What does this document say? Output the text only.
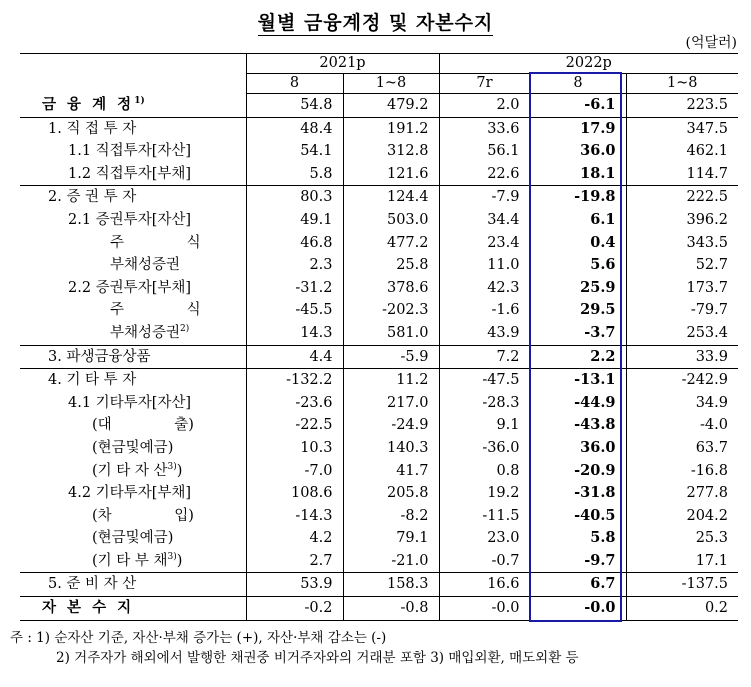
월별 금융계정 및 자본수지
(억달러)
	2021p		2022p		
	8	1~8	7r	8	1~8
금 융 계 정$^{1)}$	54.8	479.2	2.0	-6.1	223.5
1. 직 접 투 자	48.4	191.2	33.6	17.9	347.5
1.1 직접투자[자산]	54.1	312.8	56.1	36.0	462.1
1.2 직접투자[부채]	5.8	121.6	22.6	18.1	114.7
2. 증 권 투 자	80.3	124.4	-7.9	-19.8	222.5
2.1 증권투자[자산]	49.1	503.0	34.4	6.1	396.2
주 식	46.8	477.2	23.4	0.4	343.5
부채성증권	2.3	25.8	11.0	5.6	52.7
2.2 증권투자[부채]	-31.2	378.6	42.3	25.9	173.7
주 식	-45.5	-202.3	-1.6	29.5	-79.7
부채성증권$^{2)}$	14.3	581.0	43.9	-3.7	253.4
3. 파생금융상품	4.4	-5.9	7.2	2.2	33.9
4. 기 타 투 자	-132.2	11.2	-47.5	-13.1	-242.9
4.1 기타투자[자산]	-23.6	217.0	-28.3	-44.9	34.9
(대 출)	-22.5	-24.9	9.1	-43.8	-4.0
(현금및예금)	10.3	140.3	-36.0	36.0	63.7
(기 타 자 산$^{3)}$)	-7.0	41.7	0.8	-20.9	-16.8
4.2 기타투자[부채]	108.6	205.8	19.2	-31.8	277.8
(차 입)	-14.3	-8.2	-11.5	-40.5	204.2
(현금및예금)	4.2	79.1	23.0	5.8	25.3
(기 타 부 채$^{3)}$)	2.7	-21.0	-0.7	-9.7	17.1
5. 준 비 자 산	53.9	158.3	16.6	6.7	-137.5
자 본 수 지	-0.2	-0.8	-0.0	-0.0	0.2
주 : 1) 순자산 기준, 자산·부채 증가는 (+), 자산·부채 감소는 (-)
2) 거주자가 해외에서 발행한 채권중 비거주자와의 거래분 포함 3) 매입외환, 매도외환 등
